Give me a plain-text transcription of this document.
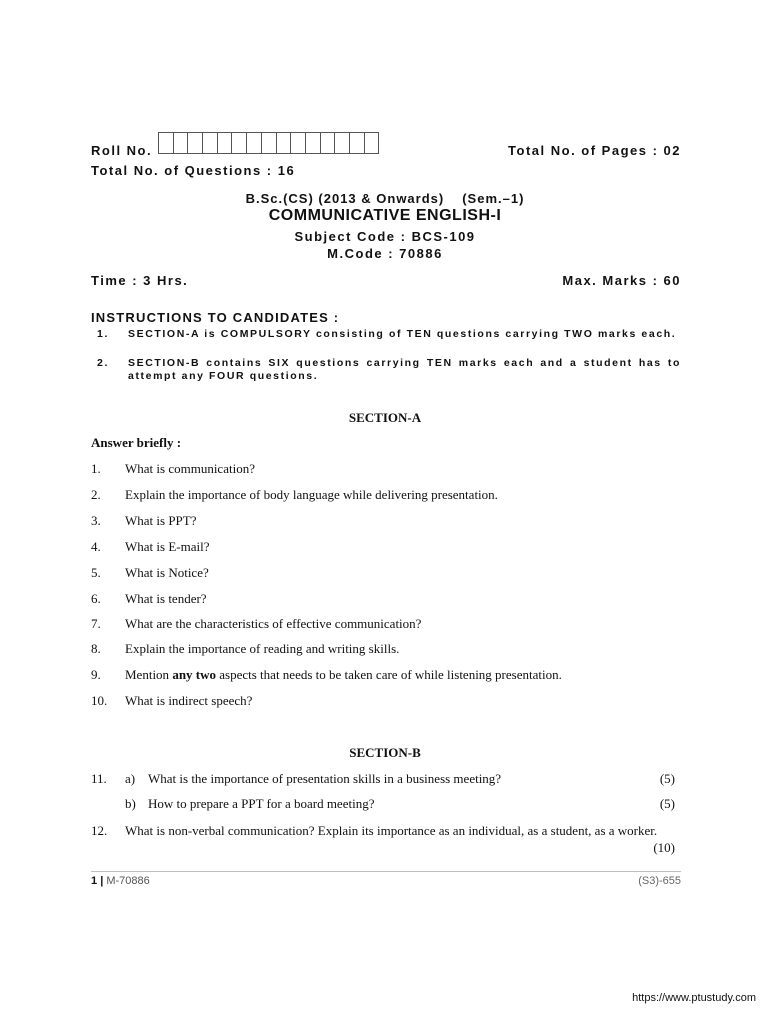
Roll No.	Total No. of Pages : 02
Total No. of Questions : 16
B.Sc.(CS) (2013 & Onwards) (Sem.–1)
COMMUNICATIVE ENGLISH-I
Subject Code : BCS-109
M.Code : 70886
Time : 3 Hrs.	Max. Marks : 60
INSTRUCTIONS TO CANDIDATES :
1. SECTION-A is COMPULSORY consisting of TEN questions carrying TWO marks each.
2. SECTION-B contains SIX questions carrying TEN marks each and a student has to attempt any FOUR questions.
SECTION-A
Answer briefly :
1. What is communication?
2. Explain the importance of body language while delivering presentation.
3. What is PPT?
4. What is E-mail?
5. What is Notice?
6. What is tender?
7. What are the characteristics of effective communication?
8. Explain the importance of reading and writing skills.
9. Mention any two aspects that needs to be taken care of while listening presentation.
10. What is indirect speech?
SECTION-B
11. a) What is the importance of presentation skills in a business meeting?	(5)
b) How to prepare a PPT for a board meeting?	(5)
12. What is non-verbal communication? Explain its importance as an individual, as a student, as a worker.
(10)
1 | M-70886	(S3)-655
https://www.ptustudy.com
